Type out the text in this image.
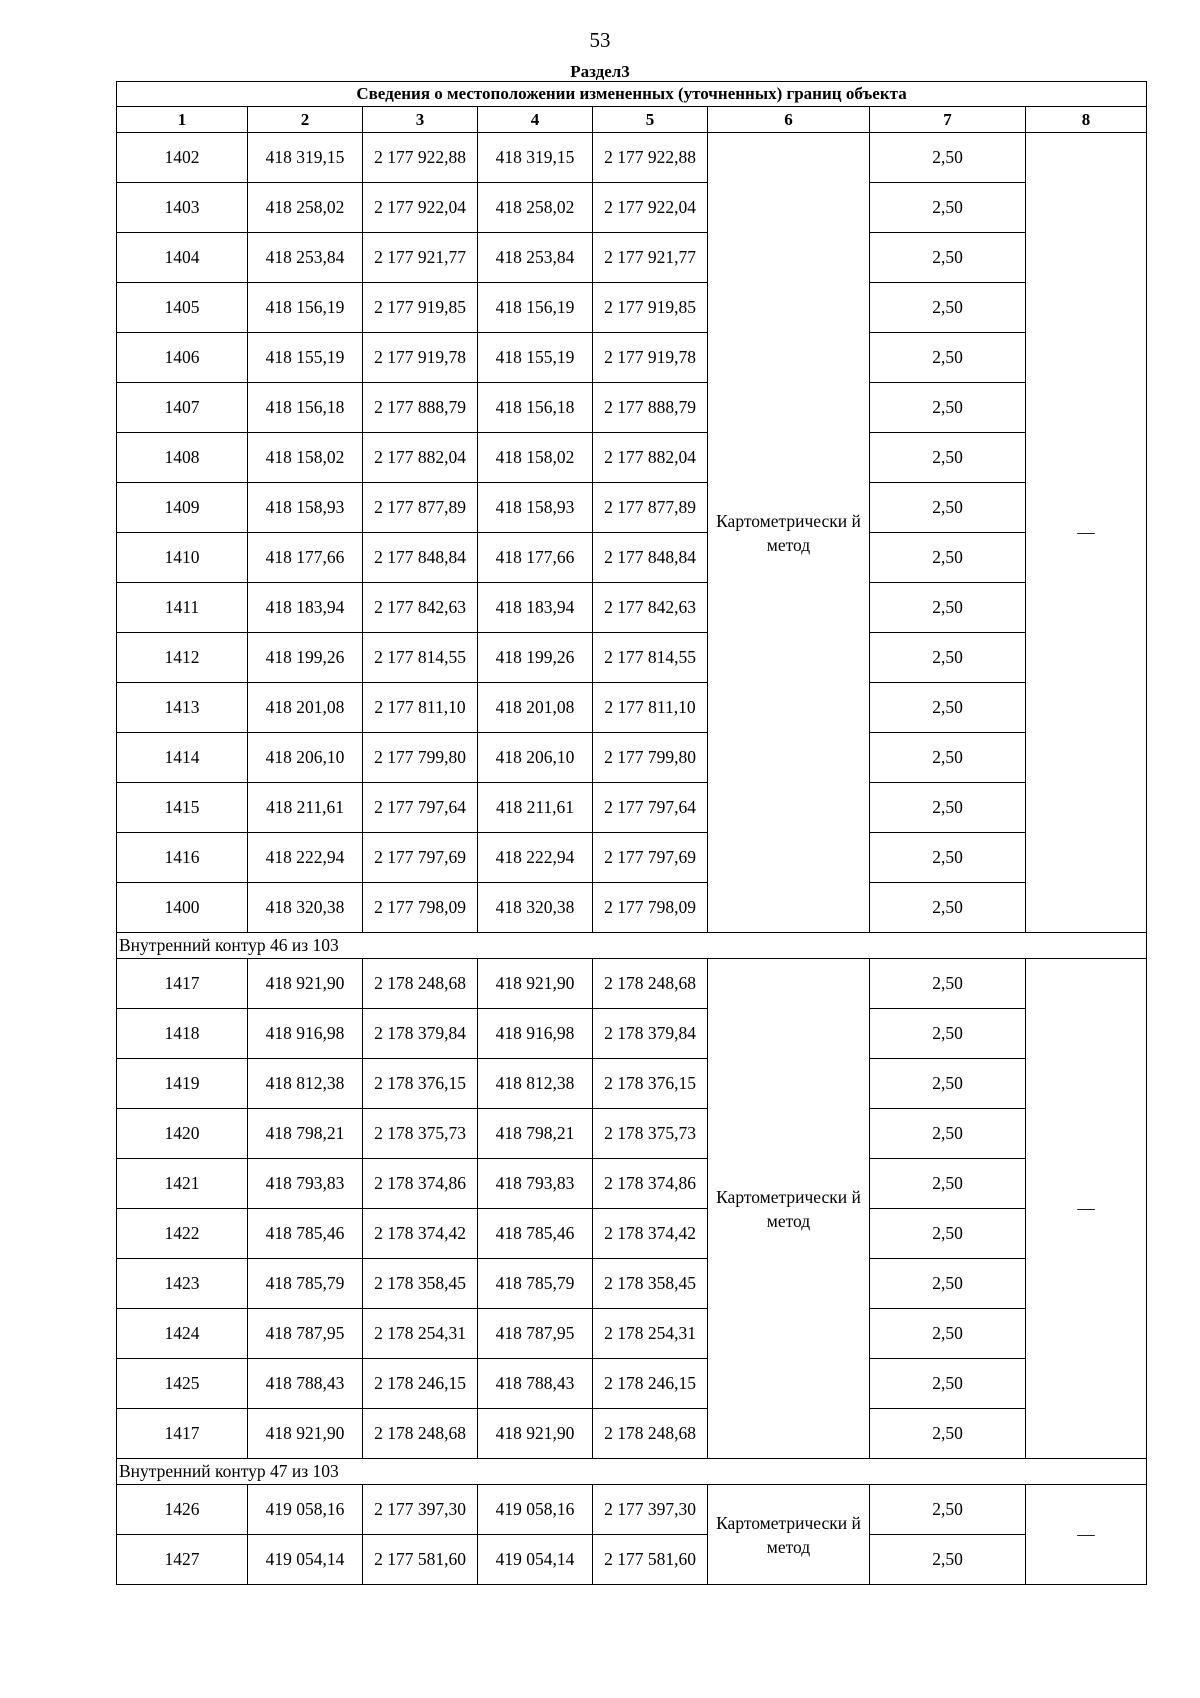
53
Раздел3
Сведения о местоположении измененных (уточненных) границ объекта							
1	2	3	4	5	6	7	8
1402	418 319,15	2 177 922,88	418 319,15	2 177 922,88	Картометрически й метод	2,50	—
1403	418 258,02	2 177 922,04	418 258,02	2 177 922,04		2,50	
1404	418 253,84	2 177 921,77	418 253,84	2 177 921,77		2,50	
1405	418 156,19	2 177 919,85	418 156,19	2 177 919,85		2,50	
1406	418 155,19	2 177 919,78	418 155,19	2 177 919,78		2,50	
1407	418 156,18	2 177 888,79	418 156,18	2 177 888,79		2,50	
1408	418 158,02	2 177 882,04	418 158,02	2 177 882,04		2,50	
1409	418 158,93	2 177 877,89	418 158,93	2 177 877,89		2,50	
1410	418 177,66	2 177 848,84	418 177,66	2 177 848,84		2,50	
1411	418 183,94	2 177 842,63	418 183,94	2 177 842,63		2,50	
1412	418 199,26	2 177 814,55	418 199,26	2 177 814,55		2,50	
1413	418 201,08	2 177 811,10	418 201,08	2 177 811,10		2,50	
1414	418 206,10	2 177 799,80	418 206,10	2 177 799,80		2,50	
1415	418 211,61	2 177 797,64	418 211,61	2 177 797,64		2,50	
1416	418 222,94	2 177 797,69	418 222,94	2 177 797,69		2,50	
1400	418 320,38	2 177 798,09	418 320,38	2 177 798,09		2,50	
Внутренний контур 46 из 103							
1417	418 921,90	2 178 248,68	418 921,90	2 178 248,68	Картометрически й метод	2,50	—
1418	418 916,98	2 178 379,84	418 916,98	2 178 379,84		2,50	
1419	418 812,38	2 178 376,15	418 812,38	2 178 376,15		2,50	
1420	418 798,21	2 178 375,73	418 798,21	2 178 375,73		2,50	
1421	418 793,83	2 178 374,86	418 793,83	2 178 374,86		2,50	
1422	418 785,46	2 178 374,42	418 785,46	2 178 374,42		2,50	
1423	418 785,79	2 178 358,45	418 785,79	2 178 358,45		2,50	
1424	418 787,95	2 178 254,31	418 787,95	2 178 254,31		2,50	
1425	418 788,43	2 178 246,15	418 788,43	2 178 246,15		2,50	
1417	418 921,90	2 178 248,68	418 921,90	2 178 248,68		2,50	
Внутренний контур 47 из 103							
1426	419 058,16	2 177 397,30	419 058,16	2 177 397,30	Картометрически й метод	2,50	—
1427	419 054,14	2 177 581,60	419 054,14	2 177 581,60		2,50	
